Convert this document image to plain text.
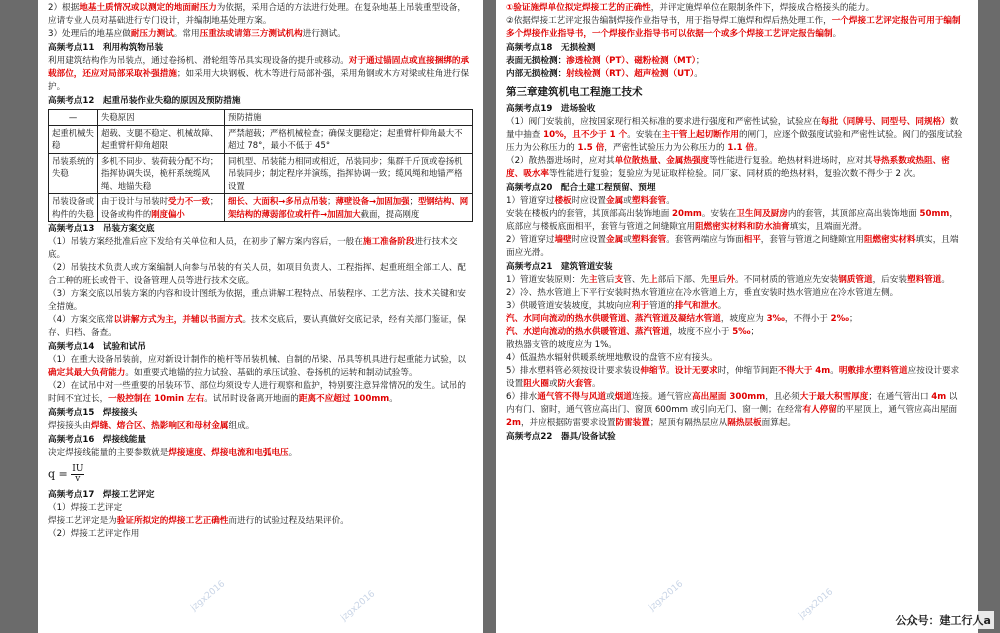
2）根据地基土质情况或以测定的地面耐压力为依据，采用合适的方法进行处理。在复杂地基上吊装重型设备，应请专业人员对基础进行专门设计，并编制地基处理方案。

3）处理后的地基应做耐压力测试。常用压重法或请第三方测试机构进行测试。

高频考点11　利用构筑物吊装

利用建筑结构作为吊装点，通过卷扬机、滑轮组等吊具实现设备的提升或移动。对于通过锚固点或直接捆绑的承载部位，还应对局部采取补强措施；如采用大块钢板、枕木等进行局部补强，采用角钢或木方对梁或柱角进行保护。

高频考点12　起重吊装作业失稳的原因及预防措施

—	失稳原因	预防措施
起重机械失稳	超载、支腿不稳定、机械故障、起重臂杆仰角超限	严禁超载；严格机械检查；确保支腿稳定；起重臂杆仰角最大不超过 78°，最小不低于 45°
吊装系统的失稳	多机不同步、装荷载分配不均；指挥协调失误，桅杆系统缆风绳、地锚失稳	同机型、吊装能力相同或相近，吊装同步；集群千斤顶或卷扬机吊装同步；制定程序并演练，指挥协调一致；缆风绳和地锚严格设置
吊装设备或构件的失稳	由于设计与吊装时受力不一致；设备或构件的刚度偏小	细长、大面积→多吊点吊装；薄壁设备→加固加强；型钢结构、网架结构的薄弱部位或杆件→加固加大截面，提高刚度

高频考点13　吊装方案交底

（1）吊装方案经批准后应下发给有关单位和人员，在初步了解方案内容后，一般在施工准备阶段进行技术交底。

（2）吊装技术负责人或方案编制人向参与吊装的有关人员，如项目负责人、工程指挥、起重班组全部工人、配合工种的班长或骨干、设备管理人员等进行技术交底。

（3）方案交底以吊装方案的内容和设计图纸为依据，重点讲解工程特点、吊装程序、工艺方法、技术关键和安全措施。

（4）方案交底常以讲解方式为主，并辅以书面方式。技术交底后，要认真做好交底记录，经有关部门鉴证，保存、归档、备查。

高频考点14　试验和试吊

（1）在重大设备吊装前，应对新设计制作的桅杆等吊装机械、自制的吊梁、吊具等机具进行起重能力试验，以确定其最大负荷能力。如重要式地锚的拉力试验、基础的承压试验、卷扬机的运转和制动试验等。

（2）在试吊中对一些重要的吊装环节、部位均须设专人进行观察和监护，特别要注意异常情况的发生。试吊的时间不宜过长，一般控制在 10min 左右。试吊时设备离开地面的距离不应超过 100mm。

高频考点15　焊接接头

焊接接头由焊缝、熔合区、热影响区和母材金属组成。

高频考点16　焊接线能量

决定焊接线能量的主要参数就是焊接速度、焊接电流和电弧电压。

$q = \frac{IU}{v}$

高频考点17　焊接工艺评定

（1）焊接工艺评定

焊接工艺评定是为验证所拟定的焊接工艺正确性而进行的试验过程及结果评价。

（2）焊接工艺评定作用

jzgx2016	jzgx2016

①验证施焊单位拟定焊接工艺的正确性，并评定施焊单位在限制条件下，焊接成合格接头的能力。

②依据焊接工艺评定报告编制焊接作业指导书，用于指导焊工施焊和焊后热处理工作，一个焊接工艺评定报告可用于编制多个焊接作业指导书，一个焊接作业指导书可以依据一个或多个焊接工艺评定报告编制。

高频考点18　无损检测

表面无损检测：渗透检测（PT）、磁粉检测（MT）；

内部无损检测：射线检测（RT）、超声检测（UT）。

第三章建筑机电工程施工技术

高频考点19　进场验收

（1）阀门安装前，应按国家现行相关标准的要求进行强度和严密性试验，试验应在每批（同牌号、同型号、同规格）数量中抽查 10%，且不少于 1 个。安装在主干管上起切断作用的闸门，应逐个做强度试验和严密性试验。阀门的强度试验压力为公称压力的 1.5 倍，严密性试验压力为公称压力的 1.1 倍。

（2）散热器进场时，应对其单位散热量、金属热强度等性能进行复验。绝热材料进场时，应对其导热系数或热阻、密度、吸水率等性能进行复验；复验应为见证取样检验。同厂家、同材质的绝热材料，复验次数不得少于 2 次。

高频考点20　配合土建工程预留、预埋

1）管道穿过楼板时应设置金属或塑料套管。

安装在楼板内的套管，其顶部高出装饰地面 20mm。安装在卫生间及厨房内的套管，其顶部应高出装饰地面 50mm，底部应与楼板底面相平，套管与管道之间缝隙宜用阻燃密实材料和防水油膏填实，且端面光滑。

2）管道穿过墙壁时应设置金属或塑料套管。套管两端应与饰面相平，套管与管道之间缝隙宜用阻燃密实材料填实，且端面应光滑。

高频考点21　建筑管道安装

1）管道安装原则：先主管后支管、先上部后下部、先里后外。不同材质的管道应先安装钢质管道，后安装塑料管道。

2）冷、热水管道上下平行安装时热水管道应在冷水管道上方，垂直安装时热水管道应在冷水管道左侧。

3）供暖管道安装坡度，其坡向应利于管道的排气和泄水。

汽、水同向流动的热水供暖管道、蒸汽管道及凝结水管道，坡度应为 3‰，不得小于 2‰；

汽、水逆向流动的热水供暖管道、蒸汽管道，坡度不应小于 5‰；

散热器支管的坡度应为 1%。

4）低温热水辐射供暖系统埋地敷设的盘管不应有接头。

5）排水塑料管必须按设计要求装设伸缩节。设计无要求时，伸缩节间距不得大于 4m。明敷排水塑料管道应按设计要求设置阻火圈或防火套管。

6）排水通气管不得与风道或烟道连接。通气管应高出屋面 300mm，且必须大于最大积雪厚度；在通气管出口 4m 以内有门、窗时，通气管应高出门、窗顶 600mm 或引向无门、窗一侧；在经常有人停留的平屋顶上，通气管应高出屋面 2m，并应根据防雷要求设置防雷装置；屋顶有隔热层应从隔热层板面算起。

高频考点22　器具/设备试验

jzgx2016	jzgx2016	公众号：建工行人a
